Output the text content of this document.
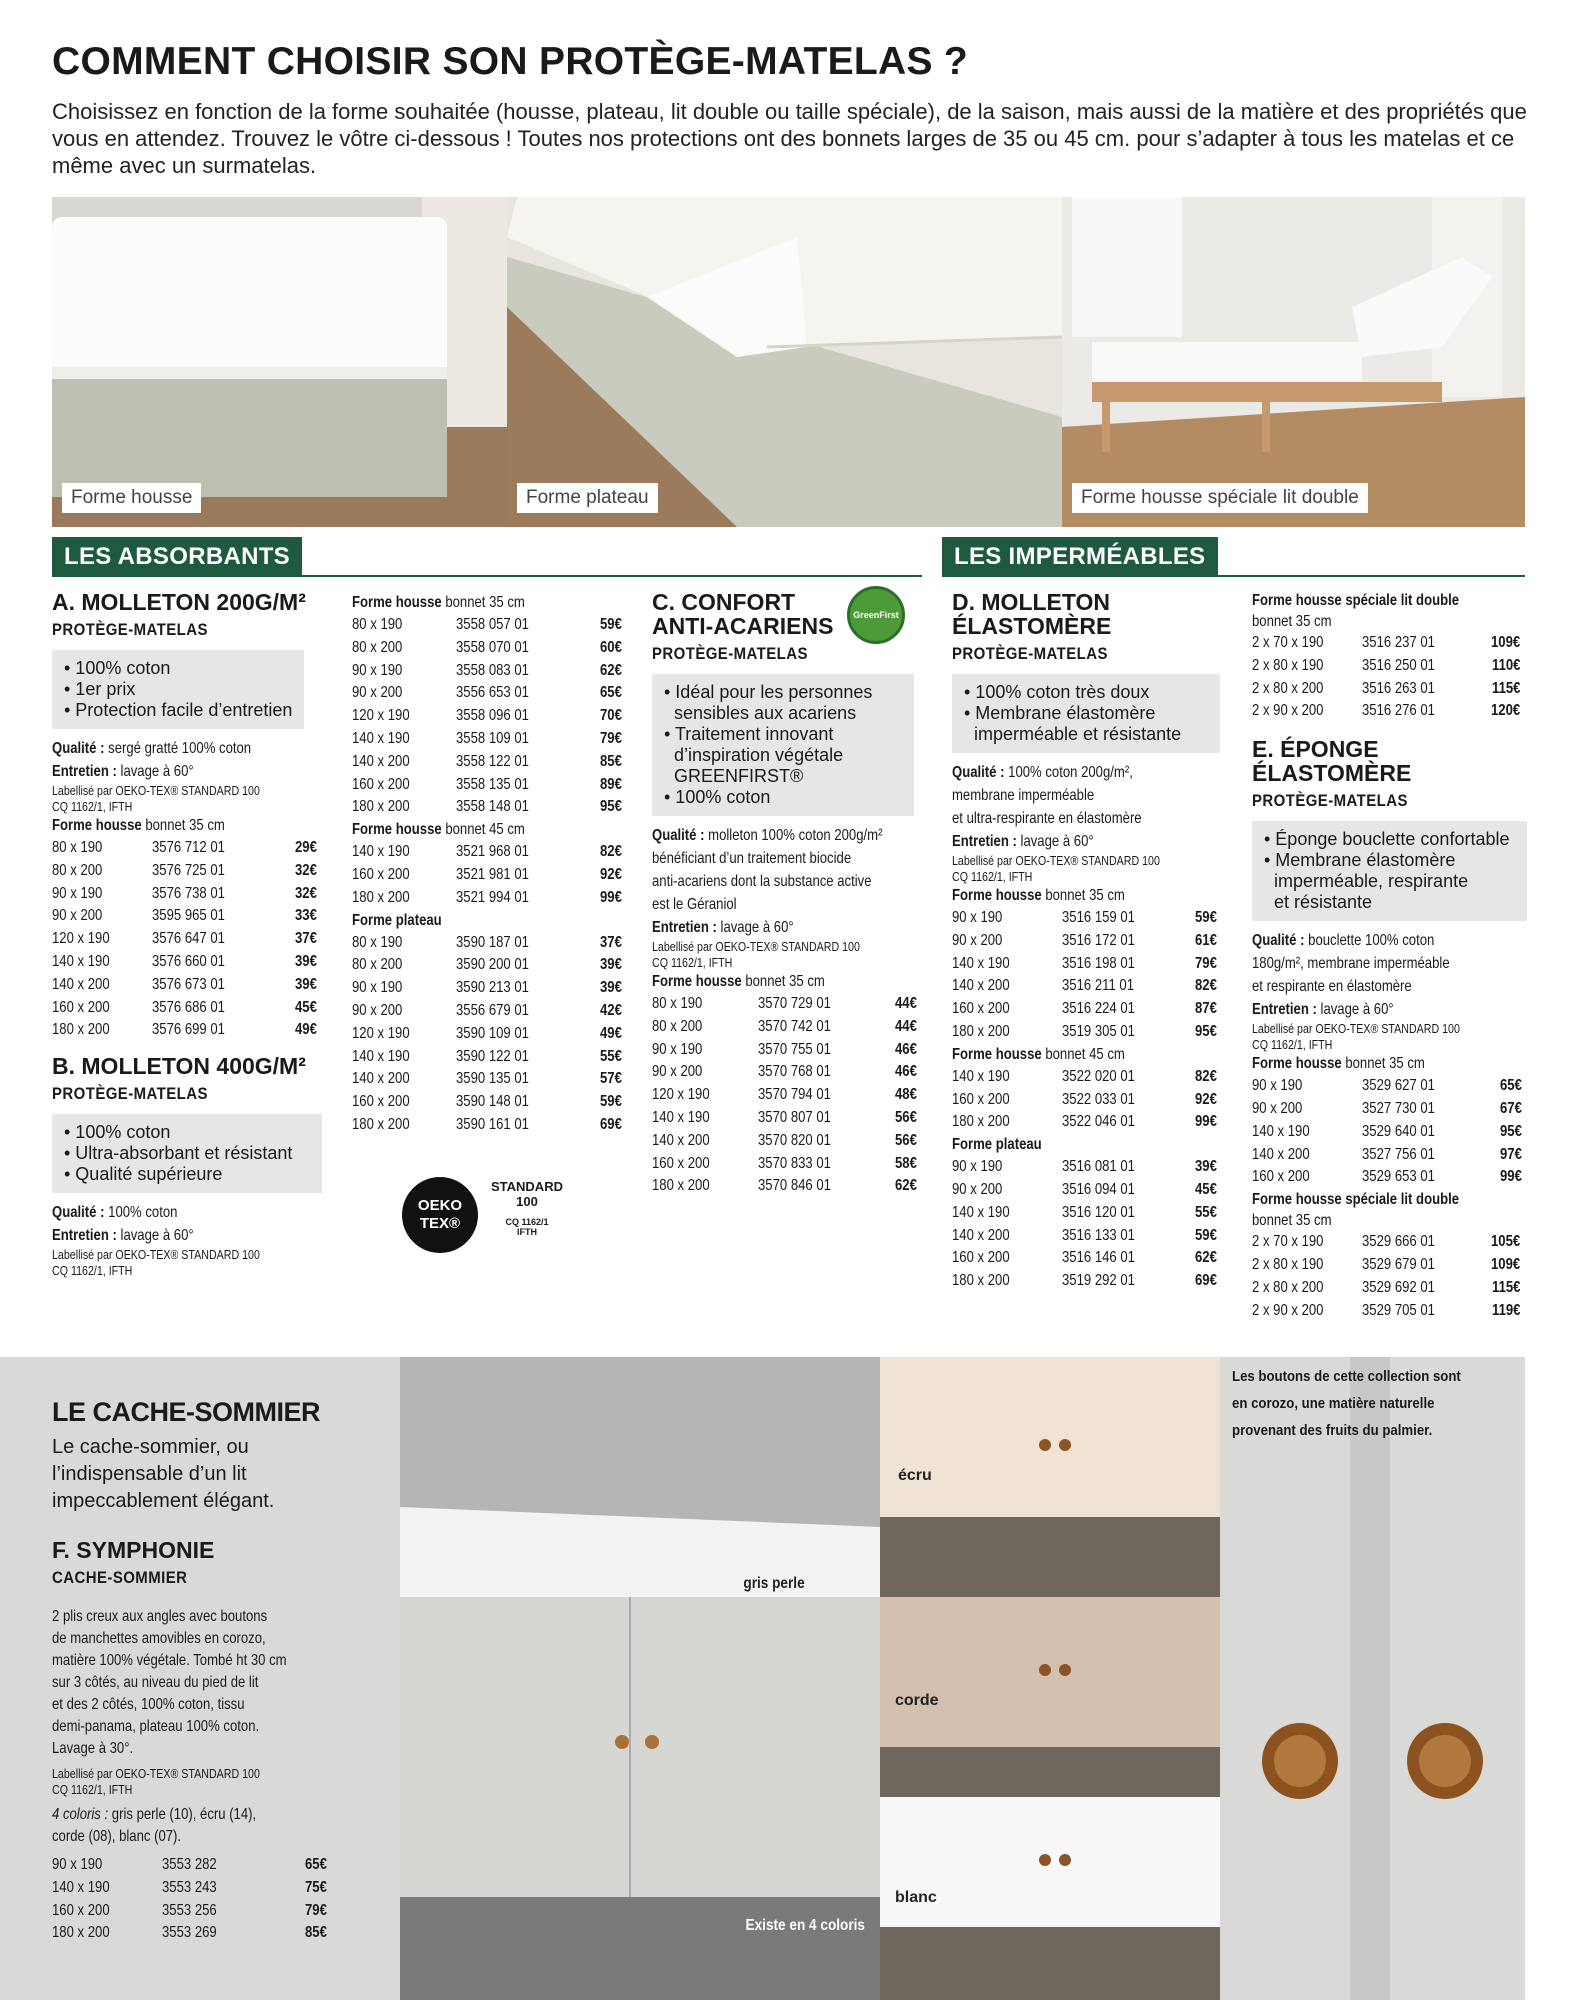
COMMENT CHOISIR SON PROTÈGE-MATELAS ?
Choisissez en fonction de la forme souhaitée (housse, plateau, lit double ou taille spéciale), de la saison, mais aussi de la matière et des propriétés que vous en attendez. Trouvez le vôtre ci-dessous ! Toutes nos protections ont des bonnets larges de 35 ou 45 cm. pour s’adapter à tous les matelas et ce même avec un surmatelas.
Forme housse	Forme plateau	Forme housse spéciale lit double
LES ABSORBANTS	LES IMPERMÉABLES
A. MOLLETON 200G/M²
PROTÈGE-MATELAS
• 100% coton
• 1er prix
• Protection facile d’entretien
Qualité : sergé gratté 100% coton
Entretien : lavage à 60°
Labellisé par OEKO-TEX® STANDARD 100
CQ 1162/1, IFTH
Forme housse bonnet 35 cm
80 x 190	3576 712 01	29€
80 x 200	3576 725 01	32€
90 x 190	3576 738 01	32€
90 x 200	3595 965 01	33€
120 x 190	3576 647 01	37€
140 x 190	3576 660 01	39€
140 x 200	3576 673 01	39€
160 x 200	3576 686 01	45€
180 x 200	3576 699 01	49€
B. MOLLETON 400G/M²
PROTÈGE-MATELAS
• 100% coton
• Ultra-absorbant et résistant
• Qualité supérieure
Qualité : 100% coton
Entretien : lavage à 60°
Labellisé par OEKO-TEX® STANDARD 100
CQ 1162/1, IFTH
Forme housse bonnet 35 cm
80 x 190	3558 057 01	59€
80 x 200	3558 070 01	60€
90 x 190	3558 083 01	62€
90 x 200	3556 653 01	65€
120 x 190	3558 096 01	70€
140 x 190	3558 109 01	79€
140 x 200	3558 122 01	85€
160 x 200	3558 135 01	89€
180 x 200	3558 148 01	95€
Forme housse bonnet 45 cm
140 x 190	3521 968 01	82€
160 x 200	3521 981 01	92€
180 x 200	3521 994 01	99€
Forme plateau
80 x 190	3590 187 01	37€
80 x 200	3590 200 01	39€
90 x 190	3590 213 01	39€
90 x 200	3556 679 01	42€
120 x 190	3590 109 01	49€
140 x 190	3590 122 01	55€
140 x 200	3590 135 01	57€
160 x 200	3590 148 01	59€
180 x 200	3590 161 01	69€
OEKO
TEX®
STANDARD
100
CQ 1162/1
IFTH
C. CONFORT
ANTI-ACARIENS	GreenFirst
PROTÈGE-MATELAS
• Idéal pour les personnes
sensibles aux acariens
• Traitement innovant
d’inspiration végétale
GREENFIRST®
• 100% coton
Qualité : molleton 100% coton 200g/m²
bénéficiant d’un traitement biocide
anti-acariens dont la substance active
est le Géraniol
Entretien : lavage à 60°
Labellisé par OEKO-TEX® STANDARD 100
CQ 1162/1, IFTH
Forme housse bonnet 35 cm
80 x 190	3570 729 01	44€
80 x 200	3570 742 01	44€
90 x 190	3570 755 01	46€
90 x 200	3570 768 01	46€
120 x 190	3570 794 01	48€
140 x 190	3570 807 01	56€
140 x 200	3570 820 01	56€
160 x 200	3570 833 01	58€
180 x 200	3570 846 01	62€
D. MOLLETON
ÉLASTOMÈRE
PROTÈGE-MATELAS
• 100% coton très doux
• Membrane élastomère
imperméable et résistante
Qualité : 100% coton 200g/m²,
membrane imperméable
et ultra-respirante en élastomère
Entretien : lavage à 60°
Labellisé par OEKO-TEX® STANDARD 100
CQ 1162/1, IFTH
Forme housse bonnet 35 cm
90 x 190	3516 159 01	59€
90 x 200	3516 172 01	61€
140 x 190	3516 198 01	79€
140 x 200	3516 211 01	82€
160 x 200	3516 224 01	87€
180 x 200	3519 305 01	95€
Forme housse bonnet 45 cm
140 x 190	3522 020 01	82€
160 x 200	3522 033 01	92€
180 x 200	3522 046 01	99€
Forme plateau
90 x 190	3516 081 01	39€
90 x 200	3516 094 01	45€
140 x 190	3516 120 01	55€
140 x 200	3516 133 01	59€
160 x 200	3516 146 01	62€
180 x 200	3519 292 01	69€
Forme housse spéciale lit double
bonnet 35 cm
2 x 70 x 190	3516 237 01	109€
2 x 80 x 190	3516 250 01	110€
2 x 80 x 200	3516 263 01	115€
2 x 90 x 200	3516 276 01	120€
E. ÉPONGE ÉLASTOMÈRE
PROTÈGE-MATELAS
• Éponge bouclette confortable
• Membrane élastomère
imperméable, respirante
et résistante
Qualité : bouclette 100% coton
180g/m², membrane imperméable
et respirante en élastomère
Entretien : lavage à 60°
Labellisé par OEKO-TEX® STANDARD 100
CQ 1162/1, IFTH
Forme housse bonnet 35 cm
90 x 190	3529 627 01	65€
90 x 200	3527 730 01	67€
140 x 190	3529 640 01	95€
140 x 200	3527 756 01	97€
160 x 200	3529 653 01	99€
Forme housse spéciale lit double
bonnet 35 cm
2 x 70 x 190	3529 666 01	105€
2 x 80 x 190	3529 679 01	109€
2 x 80 x 200	3529 692 01	115€
2 x 90 x 200	3529 705 01	119€
LE CACHE-SOMMIER
Le cache-sommier, ou
l’indispensable d’un lit
impeccablement élégant.
F. SYMPHONIE
CACHE-SOMMIER
2 plis creux aux angles avec boutons
de manchettes amovibles en corozo,
matière 100% végétale. Tombé ht 30 cm
sur 3 côtés, au niveau du pied de lit
et des 2 côtés, 100% coton, tissu
demi-panama, plateau 100% coton.
Lavage à 30°.
Labellisé par OEKO-TEX® STANDARD 100
CQ 1162/1, IFTH
4 coloris : gris perle (10), écru (14),
corde (08), blanc (07).
90 x 190	3553 282	65€
140 x 190	3553 243	75€
160 x 200	3553 256	79€
180 x 200	3553 269	85€
gris perle
Existe en 4 coloris
écru
corde
blanc
Les boutons de cette collection sont
en corozo, une matière naturelle
provenant des fruits du palmier.
